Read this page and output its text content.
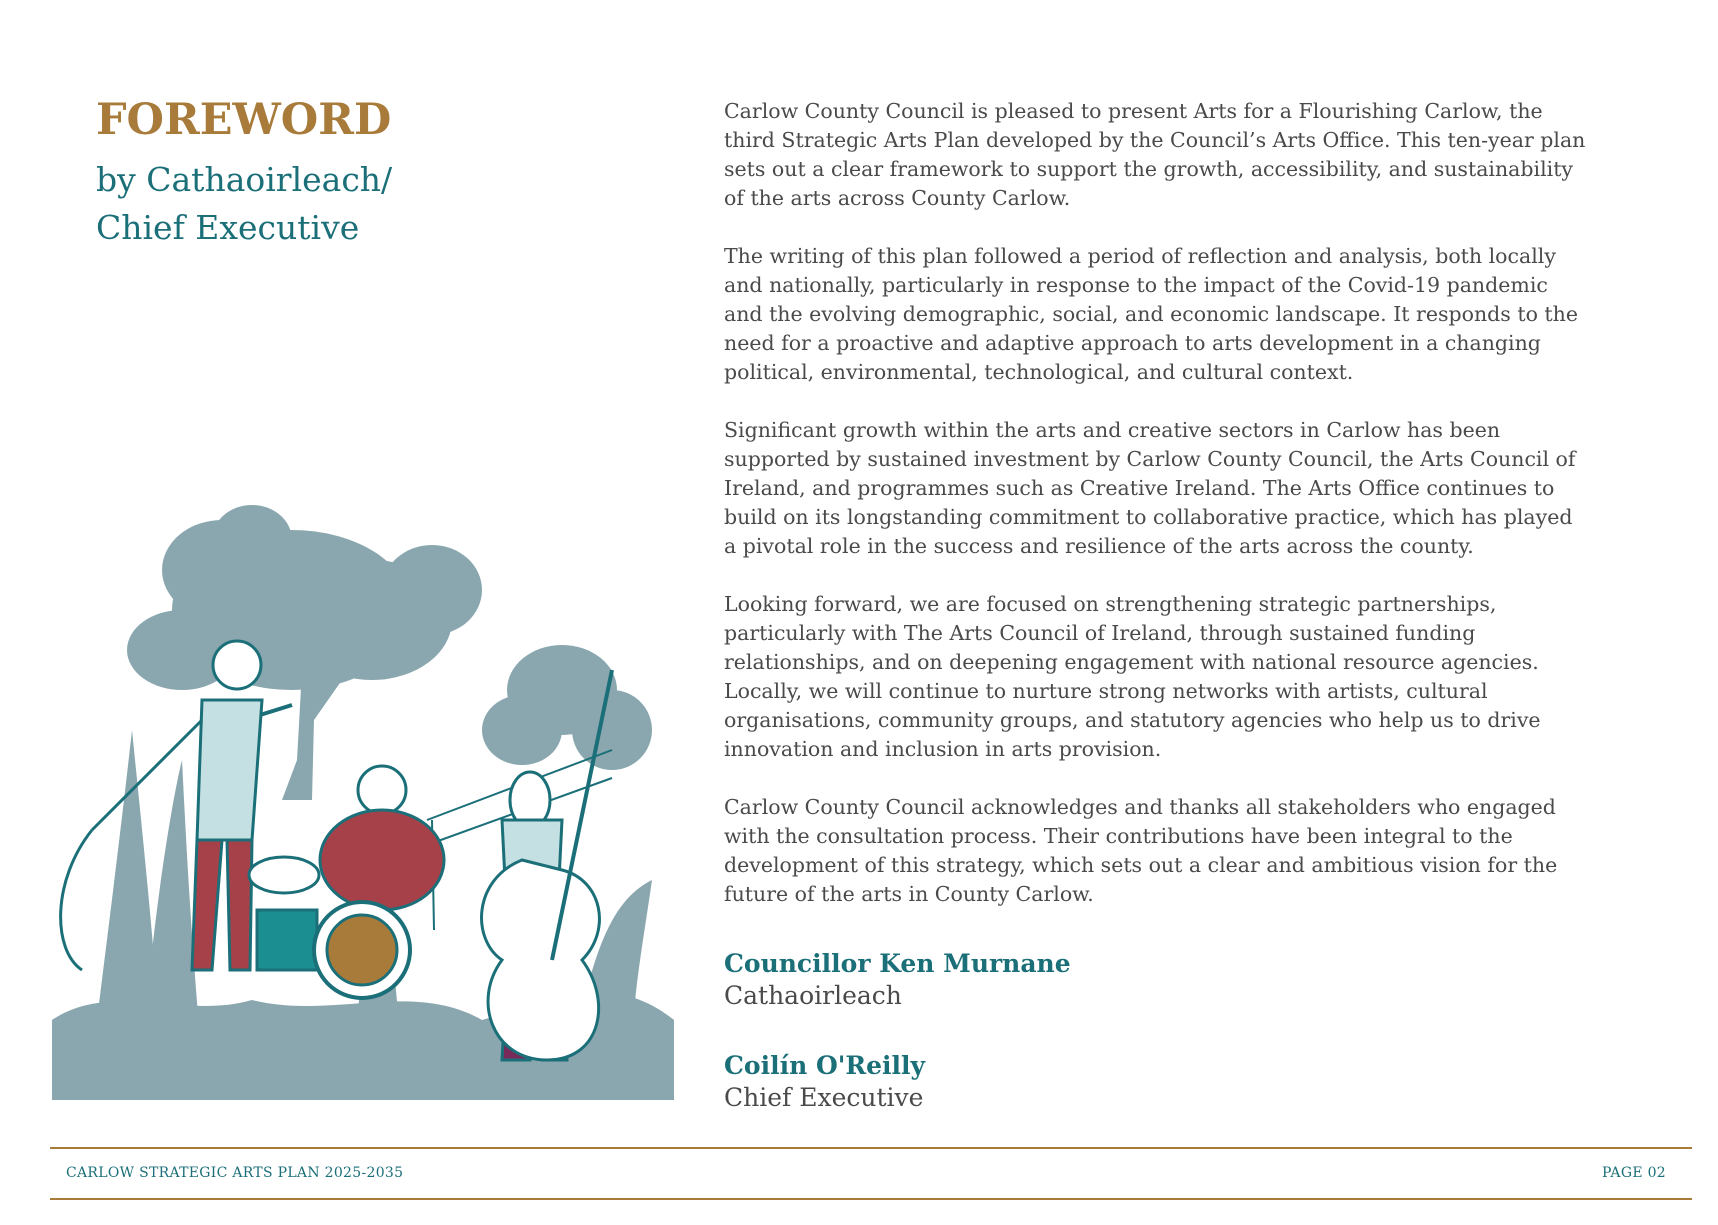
FOREWORD
by Cathaoirleach/
Chief Executive

Carlow County Council is pleased to present Arts for a Flourishing Carlow, the
third Strategic Arts Plan developed by the Council’s Arts Office. This ten-year plan
sets out a clear framework to support the growth, accessibility, and sustainability
of the arts across County Carlow.

The writing of this plan followed a period of reflection and analysis, both locally
and nationally, particularly in response to the impact of the Covid-19 pandemic
and the evolving demographic, social, and economic landscape. It responds to the
need for a proactive and adaptive approach to arts development in a changing
political, environmental, technological, and cultural context.

Significant growth within the arts and creative sectors in Carlow has been
supported by sustained investment by Carlow County Council, the Arts Council of
Ireland, and programmes such as Creative Ireland. The Arts Office continues to
build on its longstanding commitment to collaborative practice, which has played
a pivotal role in the success and resilience of the arts across the county.

Looking forward, we are focused on strengthening strategic partnerships,
particularly with The Arts Council of Ireland, through sustained funding
relationships, and on deepening engagement with national resource agencies.
Locally, we will continue to nurture strong networks with artists, cultural
organisations, community groups, and statutory agencies who help us to drive
innovation and inclusion in arts provision.

Carlow County Council acknowledges and thanks all stakeholders who engaged
with the consultation process. Their contributions have been integral to the
development of this strategy, which sets out a clear and ambitious vision for the
future of the arts in County Carlow.

Councillor Ken Murnane
Cathaoirleach
Coilín O'Reilly
Chief Executive
CARLOW STRATEGIC ARTS PLAN 2025-2035	PAGE 02
